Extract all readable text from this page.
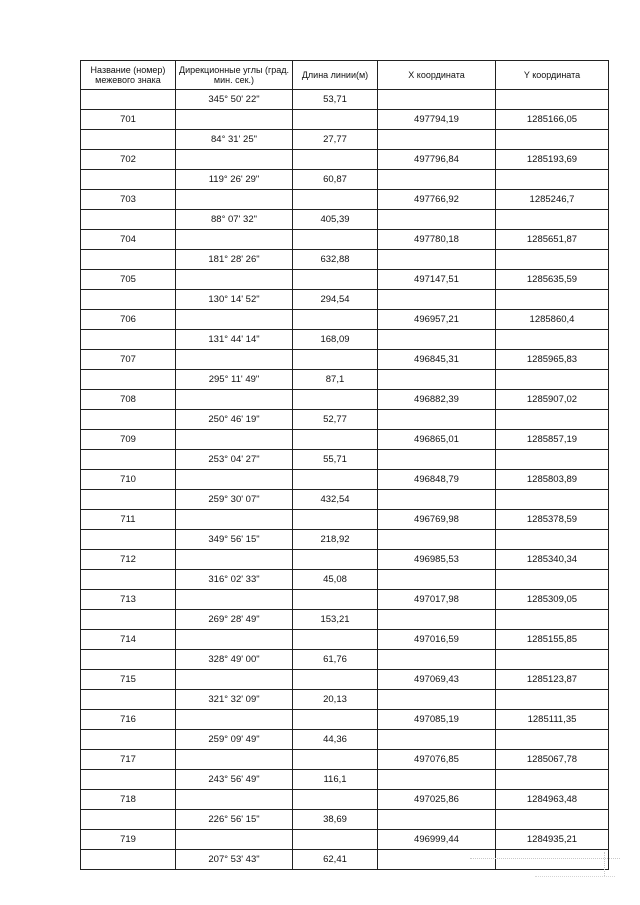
Название (номер) межевого знака	Дирекционные углы (град. мин. сек.)	Длина линии(м)	X координата	Y координата
	345° 50' 22"	53,71		
701			497794,19	1285166,05
	84° 31' 25"	27,77		
702			497796,84	1285193,69
	119° 26' 29"	60,87		
703			497766,92	1285246,7
	88° 07' 32"	405,39		
704			497780,18	1285651,87
	181° 28' 26"	632,88		
705			497147,51	1285635,59
	130° 14' 52"	294,54		
706			496957,21	1285860,4
	131° 44' 14"	168,09		
707			496845,31	1285965,83
	295° 11' 49"	87,1		
708			496882,39	1285907,02
	250° 46' 19"	52,77		
709			496865,01	1285857,19
	253° 04' 27"	55,71		
710			496848,79	1285803,89
	259° 30' 07"	432,54		
711			496769,98	1285378,59
	349° 56' 15"	218,92		
712			496985,53	1285340,34
	316° 02' 33"	45,08		
713			497017,98	1285309,05
	269° 28' 49"	153,21		
714			497016,59	1285155,85
	328° 49' 00"	61,76		
715			497069,43	1285123,87
	321° 32' 09"	20,13		
716			497085,19	1285111,35
	259° 09' 49"	44,36		
717			497076,85	1285067,78
	243° 56' 49"	116,1		
718			497025,86	1284963,48
	226° 56' 15"	38,69		
719			496999,44	1284935,21
	207° 53' 43"	62,41		
